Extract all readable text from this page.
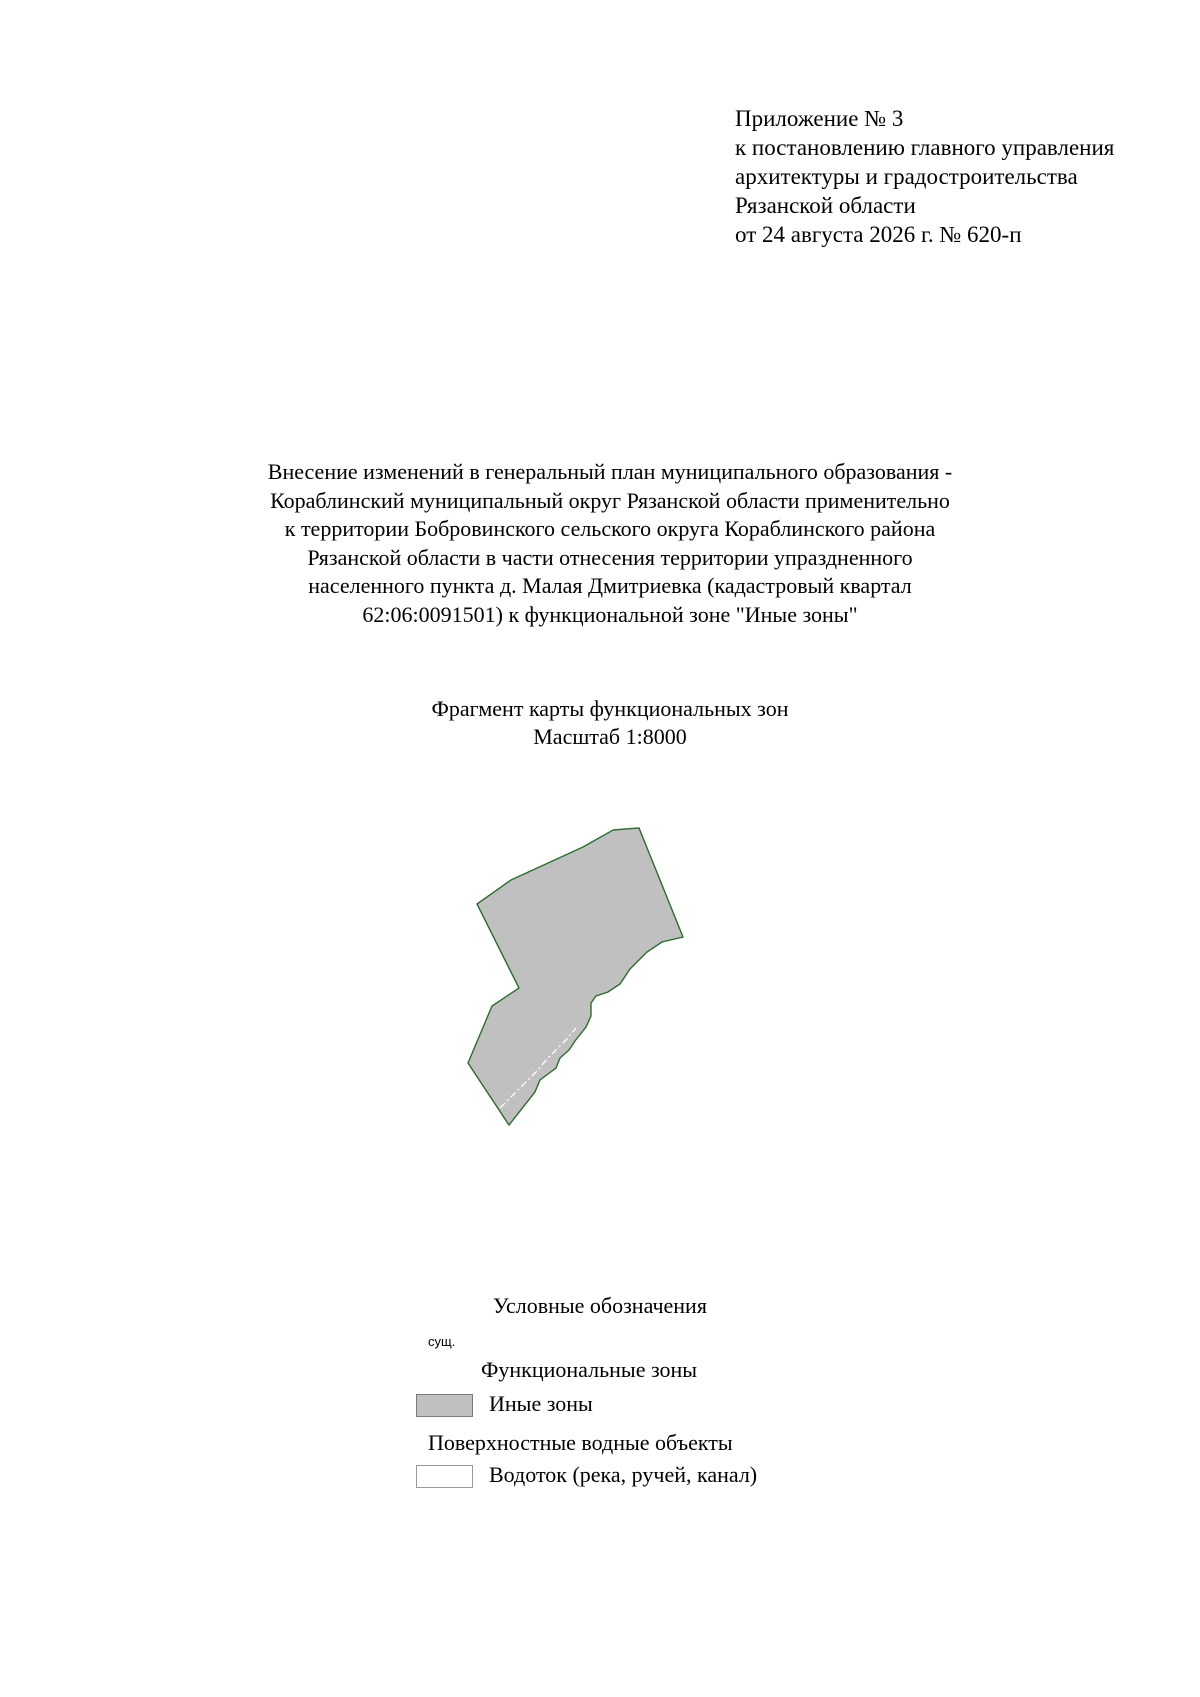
Приложение № 3
к постановлению главного управления
архитектуры и градостроительства
Рязанской области
от 24 августа 2026 г. № 620-п
Внесение изменений в генеральный план муниципального образования -
Кораблинский муниципальный округ Рязанской области применительно
к территории Бобровинского сельского округа Кораблинского района
Рязанской области в части отнесения территории упраздненного
населенного пункта д. Малая Дмитриевка (кадастровый квартал
62:06:0091501) к функциональной зоне "Иные зоны"
Фрагмент карты функциональных зон
Масштаб 1:8000
Условные обозначения
сущ.
Функциональные зоны
Иные зоны
Поверхностные водные объекты
Водоток (река, ручей, канал)
